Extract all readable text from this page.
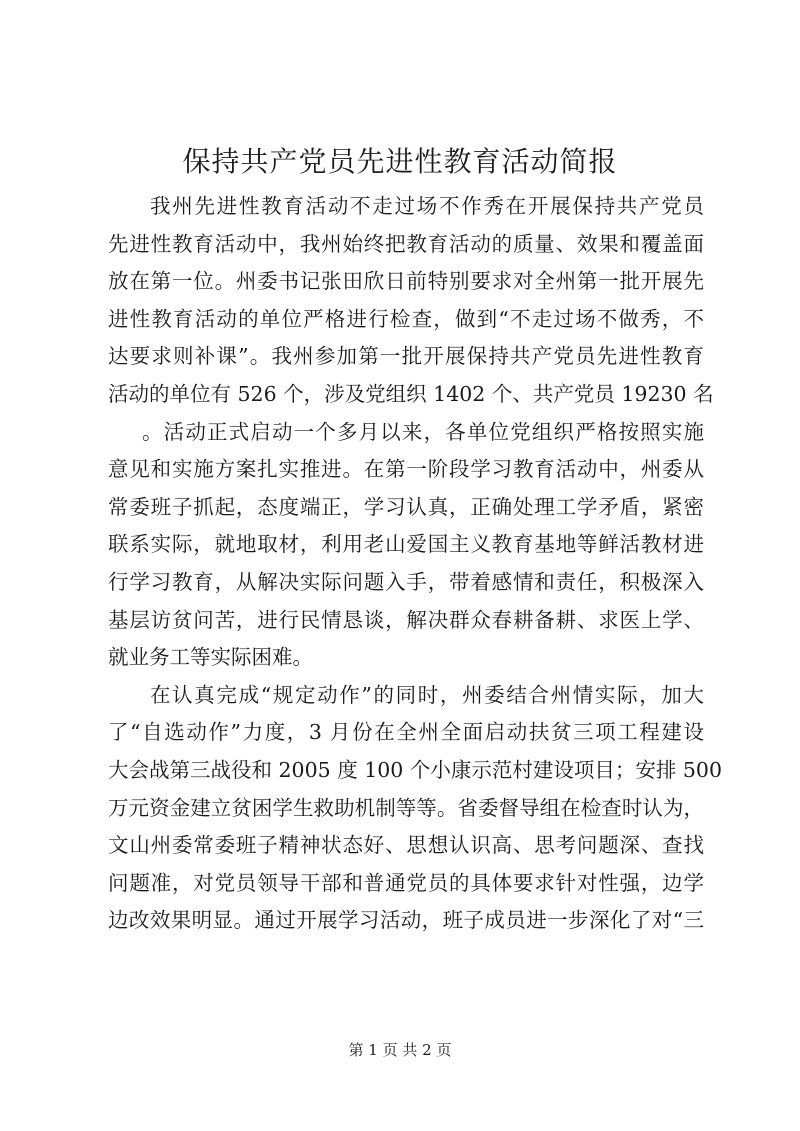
保持共产党员先进性教育活动简报
我州先进性教育活动不走过场不作秀在开展保持共产党员
先进性教育活动中，我州始终把教育活动的质量、效果和覆盖面
放在第一位。州委书记张田欣日前特别要求对全州第一批开展先
进性教育活动的单位严格进行检查，做到“不走过场不做秀，不
达要求则补课”。我州参加第一批开展保持共产党员先进性教育
活动的单位有 526 个，涉及党组织 1402 个、共产党员 19230 名
。活动正式启动一个多月以来，各单位党组织严格按照实施
意见和实施方案扎实推进。在第一阶段学习教育活动中，州委从
常委班子抓起，态度端正，学习认真，正确处理工学矛盾，紧密
联系实际，就地取材，利用老山爱国主义教育基地等鲜活教材进
行学习教育，从解决实际问题入手，带着感情和责任，积极深入
基层访贫问苦，进行民情恳谈，解决群众春耕备耕、求医上学、
就业务工等实际困难。
在认真完成“规定动作”的同时，州委结合州情实际，加大
了“自选动作”力度，3 月份在全州全面启动扶贫三项工程建设
大会战第三战役和 2005 度 100 个小康示范村建设项目；安排 500
万元资金建立贫困学生救助机制等等。省委督导组在检查时认为，
文山州委常委班子精神状态好、思想认识高、思考问题深、查找
问题准，对党员领导干部和普通党员的具体要求针对性强，边学
边改效果明显。通过开展学习活动，班子成员进一步深化了对“三
第 1 页 共 2 页
